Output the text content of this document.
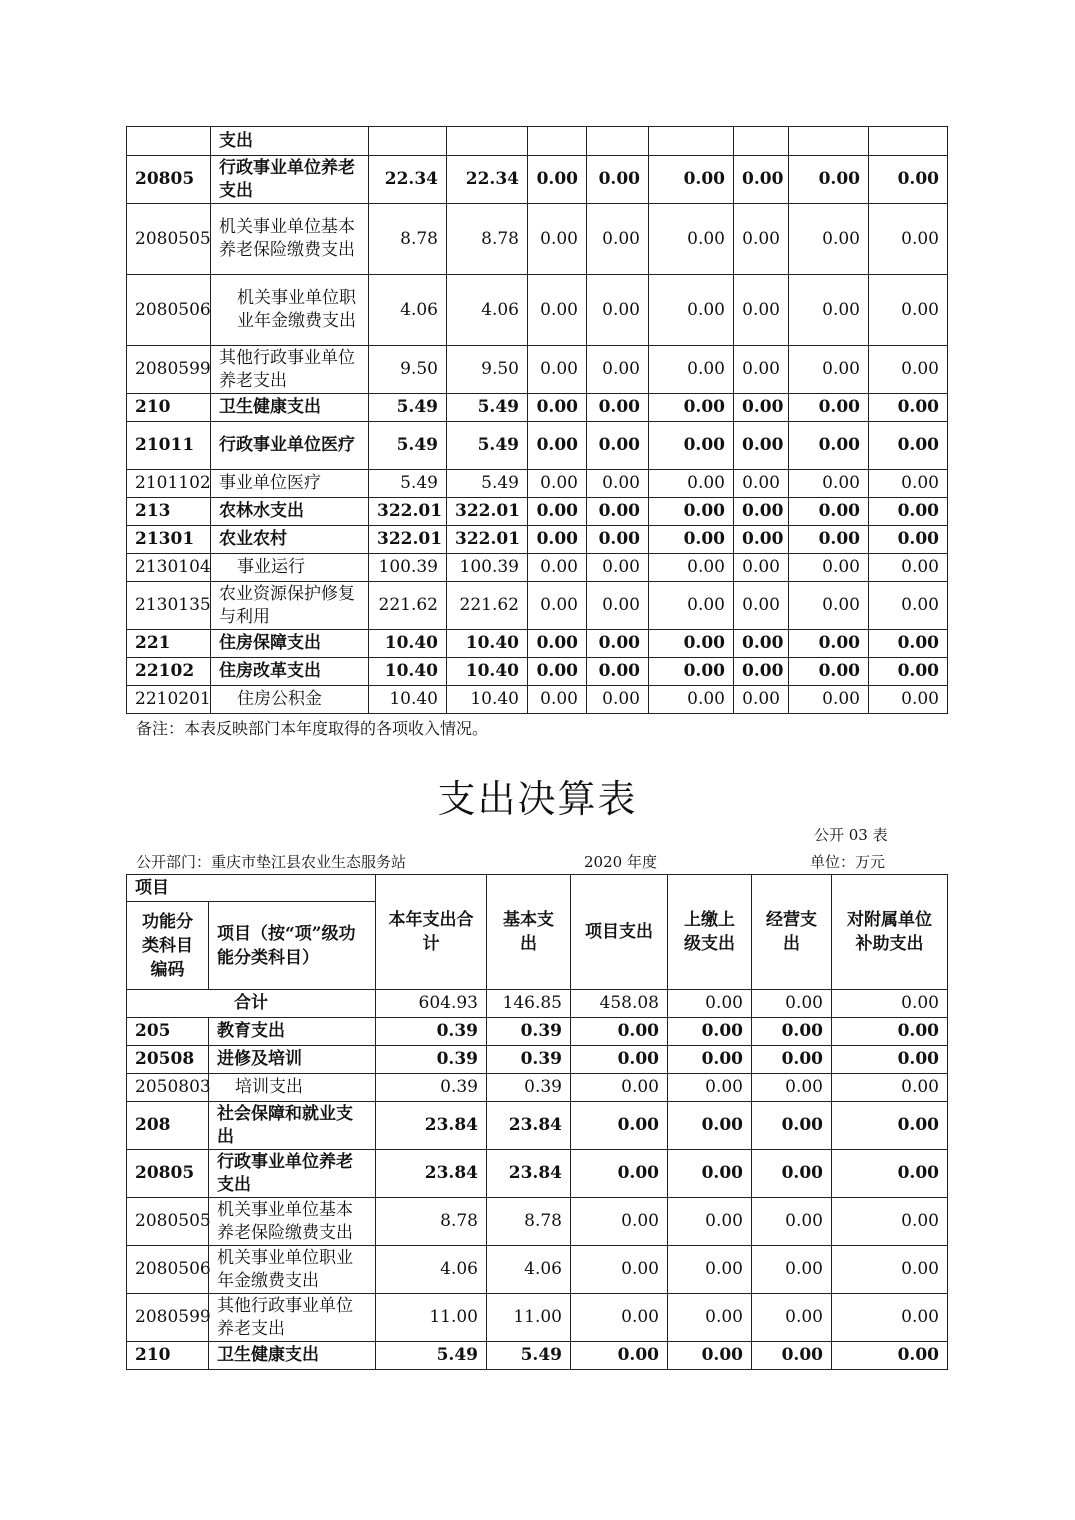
	支出								
20805	行政事业单位养老支出	22.34	22.34	0.00	0.00	0.00	0.00	0.00	0.00
2080505	机关事业单位基本养老保险缴费支出	8.78	8.78	0.00	0.00	0.00	0.00	0.00	0.00
2080506	机关事业单位职业年金缴费支出	4.06	4.06	0.00	0.00	0.00	0.00	0.00	0.00
2080599	其他行政事业单位养老支出	9.50	9.50	0.00	0.00	0.00	0.00	0.00	0.00
210	卫生健康支出	5.49	5.49	0.00	0.00	0.00	0.00	0.00	0.00
21011	行政事业单位医疗	5.49	5.49	0.00	0.00	0.00	0.00	0.00	0.00
2101102	事业单位医疗	5.49	5.49	0.00	0.00	0.00	0.00	0.00	0.00
213	农林水支出	322.01	322.01	0.00	0.00	0.00	0.00	0.00	0.00
21301	农业农村	322.01	322.01	0.00	0.00	0.00	0.00	0.00	0.00
2130104	事业运行	100.39	100.39	0.00	0.00	0.00	0.00	0.00	0.00
2130135	农业资源保护修复与利用	221.62	221.62	0.00	0.00	0.00	0.00	0.00	0.00
221	住房保障支出	10.40	10.40	0.00	0.00	0.00	0.00	0.00	0.00
22102	住房改革支出	10.40	10.40	0.00	0.00	0.00	0.00	0.00	0.00
2210201	住房公积金	10.40	10.40	0.00	0.00	0.00	0.00	0.00	0.00
备注：本表反映部门本年度取得的各项收入情况。
支出决算表
公开 03 表
公开部门：重庆市垫江县农业生态服务站	2020 年度	单位：万元
项目		本年支出合计	基本支出	项目支出	上缴上级支出	经营支出	对附属单位补助支出
功能分类科目编码	项目（按“项”级功能分类科目）						
合计		604.93	146.85	458.08	0.00	0.00	0.00
205	教育支出	0.39	0.39	0.00	0.00	0.00	0.00
20508	进修及培训	0.39	0.39	0.00	0.00	0.00	0.00
2050803	培训支出	0.39	0.39	0.00	0.00	0.00	0.00
208	社会保障和就业支出	23.84	23.84	0.00	0.00	0.00	0.00
20805	行政事业单位养老支出	23.84	23.84	0.00	0.00	0.00	0.00
2080505	机关事业单位基本养老保险缴费支出	8.78	8.78	0.00	0.00	0.00	0.00
2080506	机关事业单位职业年金缴费支出	4.06	4.06	0.00	0.00	0.00	0.00
2080599	其他行政事业单位养老支出	11.00	11.00	0.00	0.00	0.00	0.00
210	卫生健康支出	5.49	5.49	0.00	0.00	0.00	0.00
